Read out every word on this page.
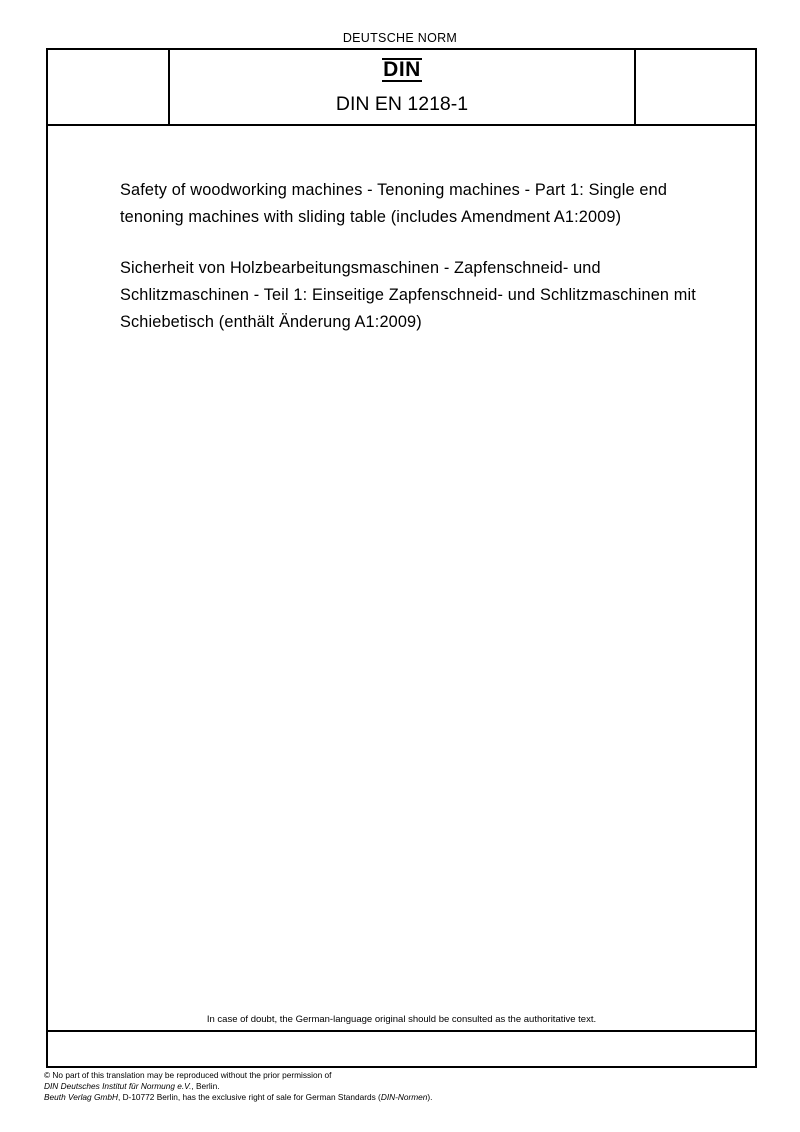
DEUTSCHE NORM
DIN
DIN EN 1218-1

Safety of woodworking machines - Tenoning machines - Part 1: Single end tenoning machines with sliding table (includes Amendment A1:2009)

Sicherheit von Holzbearbeitungsmaschinen - Zapfenschneid- und Schlitzmaschinen - Teil 1: Einseitige Zapfenschneid- und Schlitzmaschinen mit Schiebetisch (enthält Änderung A1:2009)

In case of doubt, the German-language original should be consulted as the authoritative text.
© No part of this translation may be reproduced without the prior permission of
DIN Deutsches Institut für Normung e.V., Berlin.
Beuth Verlag GmbH, D-10772 Berlin, has the exclusive right of sale for German Standards (DIN-Normen).
